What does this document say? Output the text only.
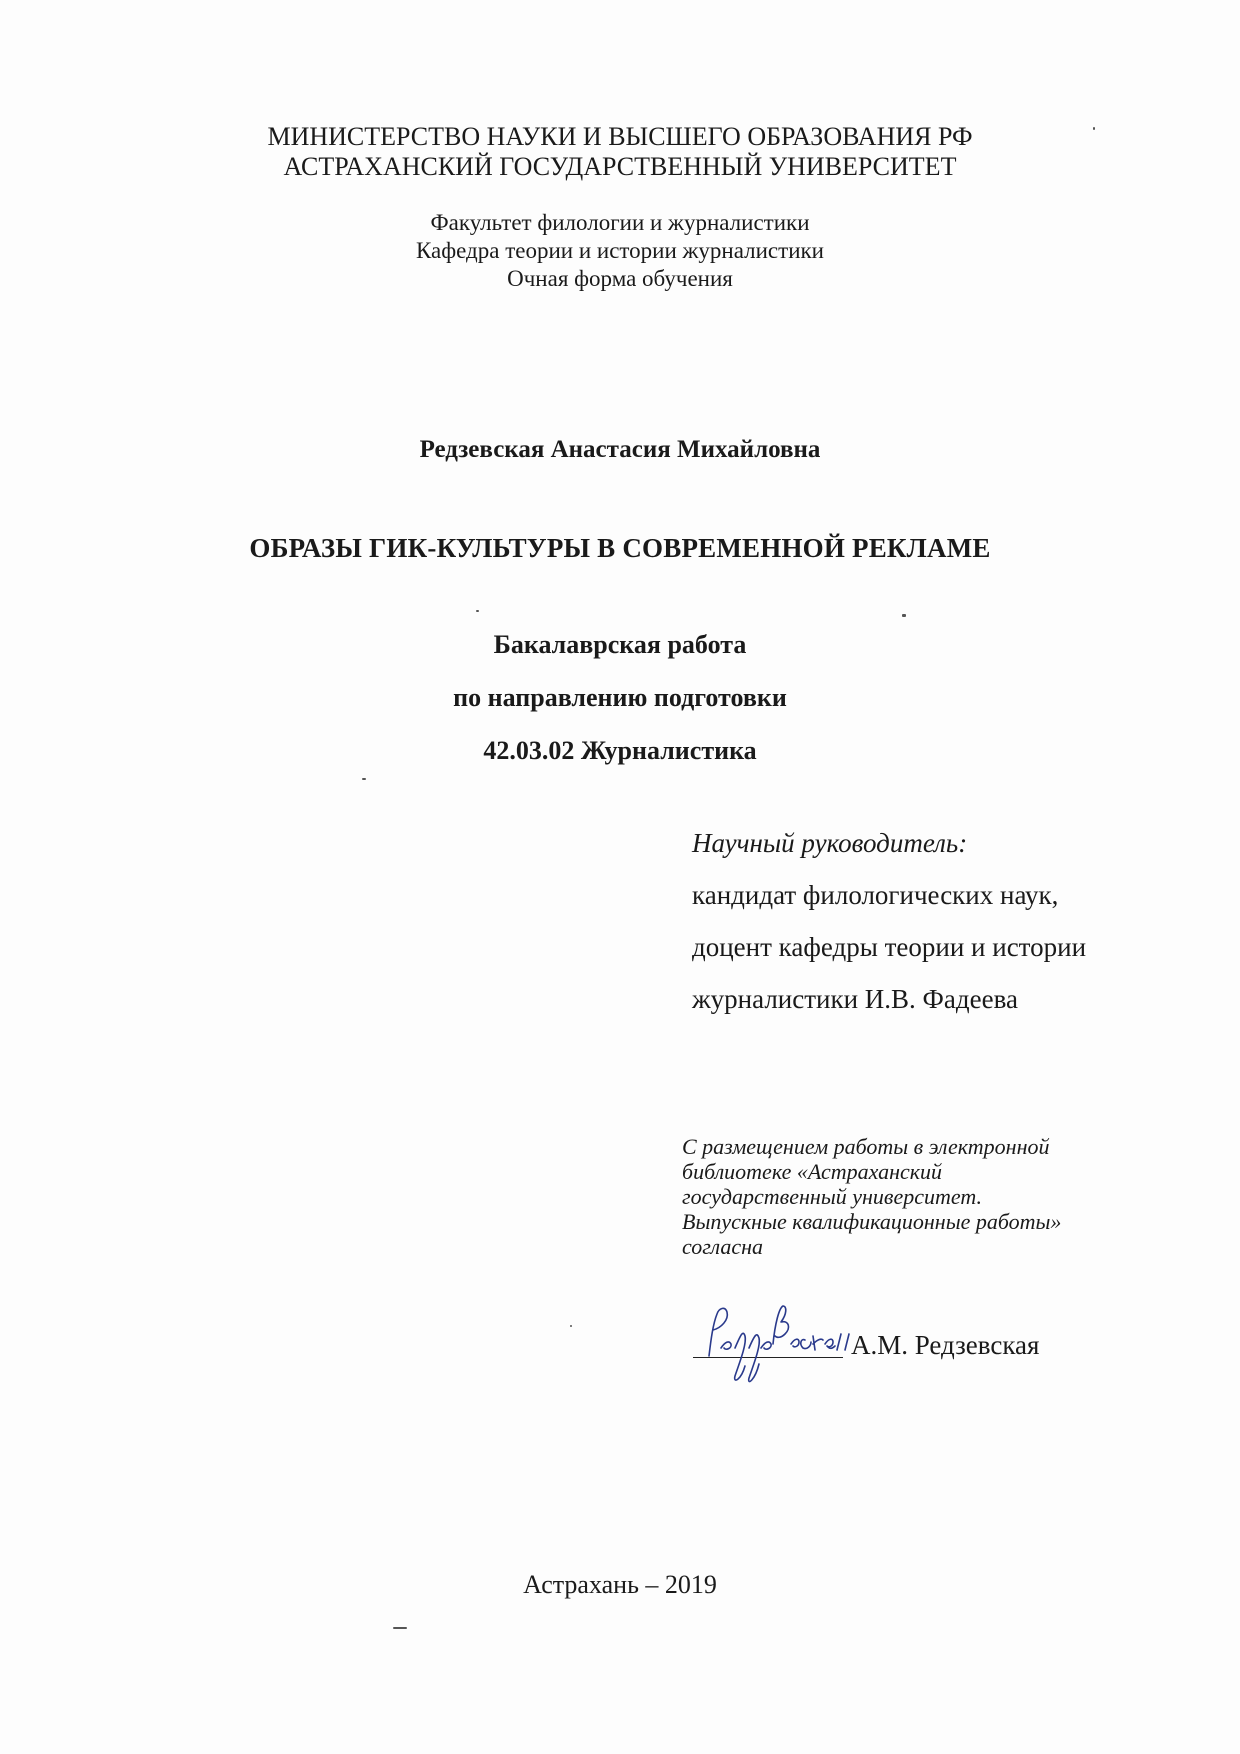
МИНИСТЕРСТВО НАУКИ И ВЫСШЕГО ОБРАЗОВАНИЯ РФ
АСТРАХАНСКИЙ ГОСУДАРСТВЕННЫЙ УНИВЕРСИТЕТ
Факультет филологии и журналистики
Кафедра теории и истории журналистики
Очная форма обучения
Редзевская Анастасия Михайловна
ОБРАЗЫ ГИК-КУЛЬТУРЫ В СОВРЕМЕННОЙ РЕКЛАМЕ
Бакалаврская работа
по направлению подготовки
42.03.02 Журналистика
Научный руководитель:
кандидат филологических наук,
доцент кафедры теории и истории
журналистики И.В. Фадеева
С размещением работы в электронной
библиотеке «Астраханский
государственный университет.
Выпускные квалификационные работы»
согласна
А.М. Редзевская
Астрахань – 2019
